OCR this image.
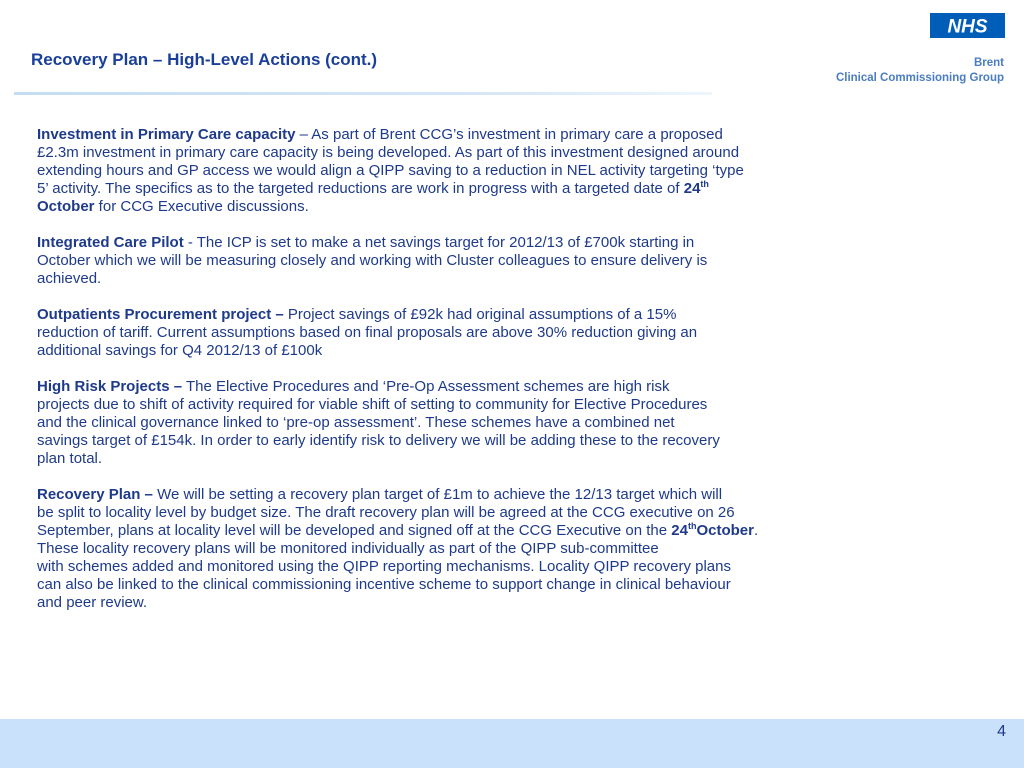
Recovery Plan – High-Level Actions (cont.)
NHS
Brent
Clinical Commissioning Group
Investment in Primary Care capacity – As part of Brent CCG’s investment in primary care a proposed
£2.3m investment in primary care capacity is being developed. As part of this investment designed around
extending hours and GP access we would align a QIPP saving to a reduction in NEL activity targeting ‘type
5’ activity. The specifics as to the targeted reductions are work in progress with a targeted date of 24th
October for CCG Executive discussions.
Integrated Care Pilot - The ICP is set to make a net savings target for 2012/13 of £700k starting in
October which we will be measuring closely and working with Cluster colleagues to ensure delivery is
achieved.
Outpatients Procurement project – Project savings of £92k had original assumptions of a 15%
reduction of tariff. Current assumptions based on final proposals are above 30% reduction giving an
additional savings for Q4 2012/13 of £100k
High Risk Projects – The Elective Procedures and ‘Pre-Op Assessment schemes are high risk
projects due to shift of activity required for viable shift of setting to community for Elective Procedures
and the clinical governance linked to ‘pre-op assessment’. These schemes have a combined net
savings target of £154k. In order to early identify risk to delivery we will be adding these to the recovery
plan total.
Recovery Plan – We will be setting a recovery plan target of £1m to achieve the 12/13 target which will
be split to locality level by budget size. The draft recovery plan will be agreed at the CCG executive on 26
September, plans at locality level will be developed and signed off at the CCG Executive on the 24thOctober.
These locality recovery plans will be monitored individually as part of the QIPP sub-committee
with schemes added and monitored using the QIPP reporting mechanisms. Locality QIPP recovery plans
can also be linked to the clinical commissioning incentive scheme to support change in clinical behaviour
and peer review.
4
